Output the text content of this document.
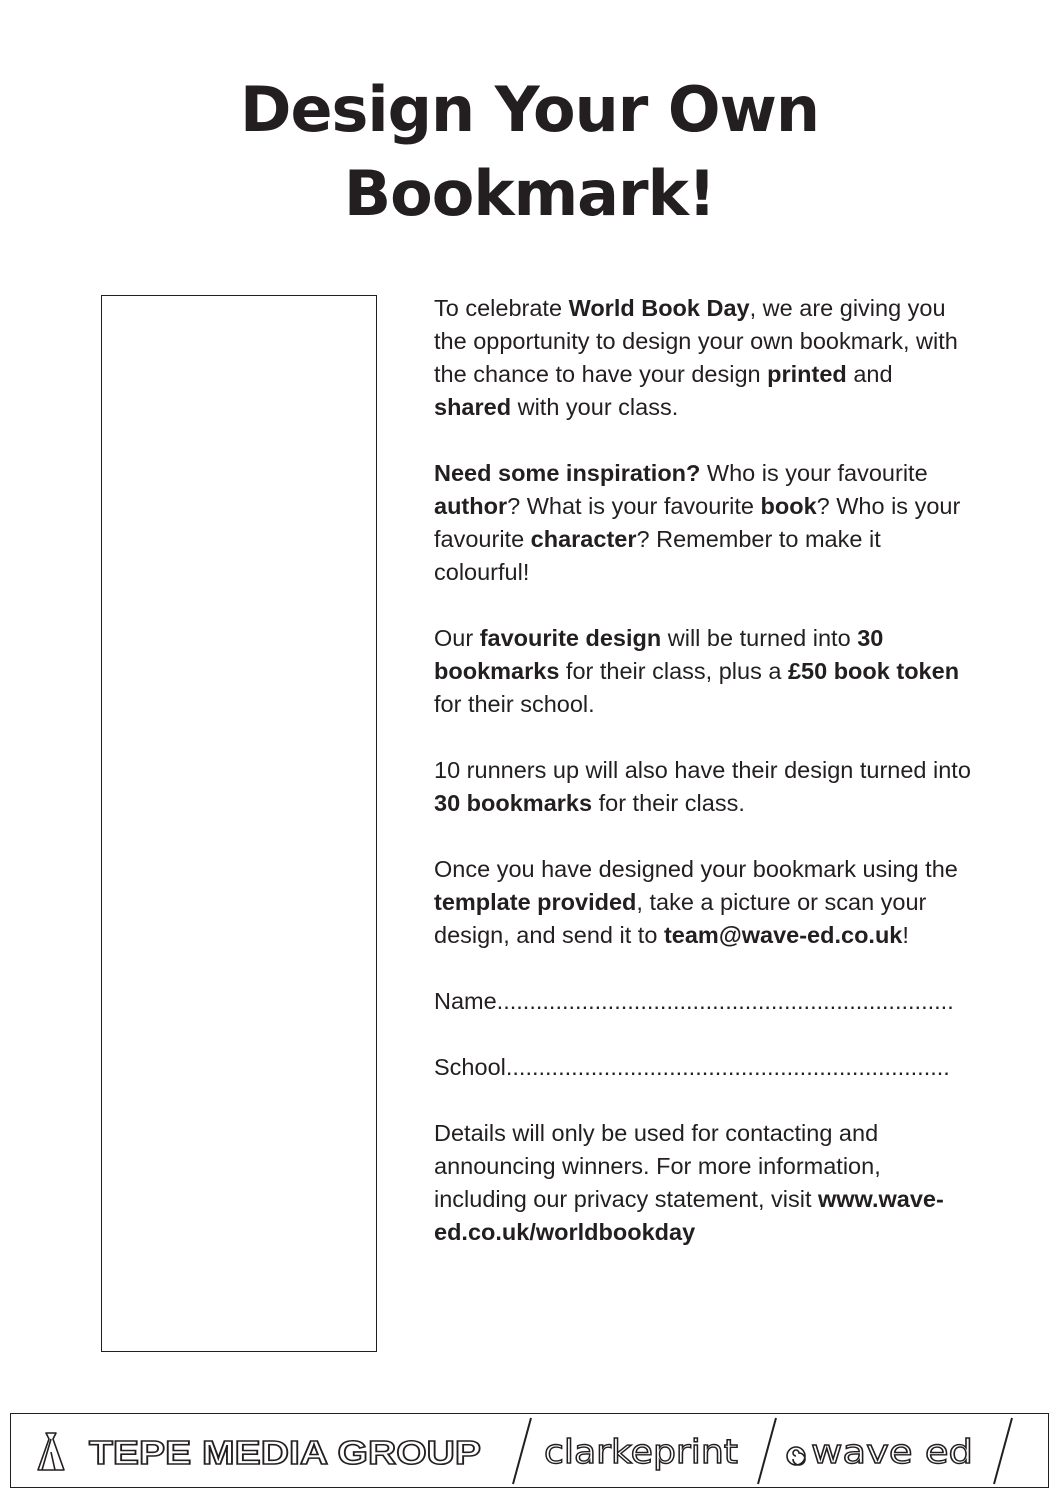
Design Your Own
Bookmark!

To celebrate World Book Day, we are giving you the opportunity to design your own bookmark, with the chance to have your design printed and shared with your class.

Need some inspiration? Who is your favourite author? What is your favourite book? Who is your favourite character? Remember to make it colourful!

Our favourite design will be turned into 30 bookmarks for their class, plus a £50 book token for their school.

10 runners up will also have their design turned into 30 bookmarks for their class.

Once you have designed your bookmark using the template provided, take a picture or scan your design, and send it to team@wave-ed.co.uk!

Name......................................................................

School....................................................................

Details will only be used for contacting and announcing winners. For more information, including our privacy statement, visit www.wave-ed.co.uk/worldbookday

TEPE MEDIA GROUP clarkeprint wave ed
